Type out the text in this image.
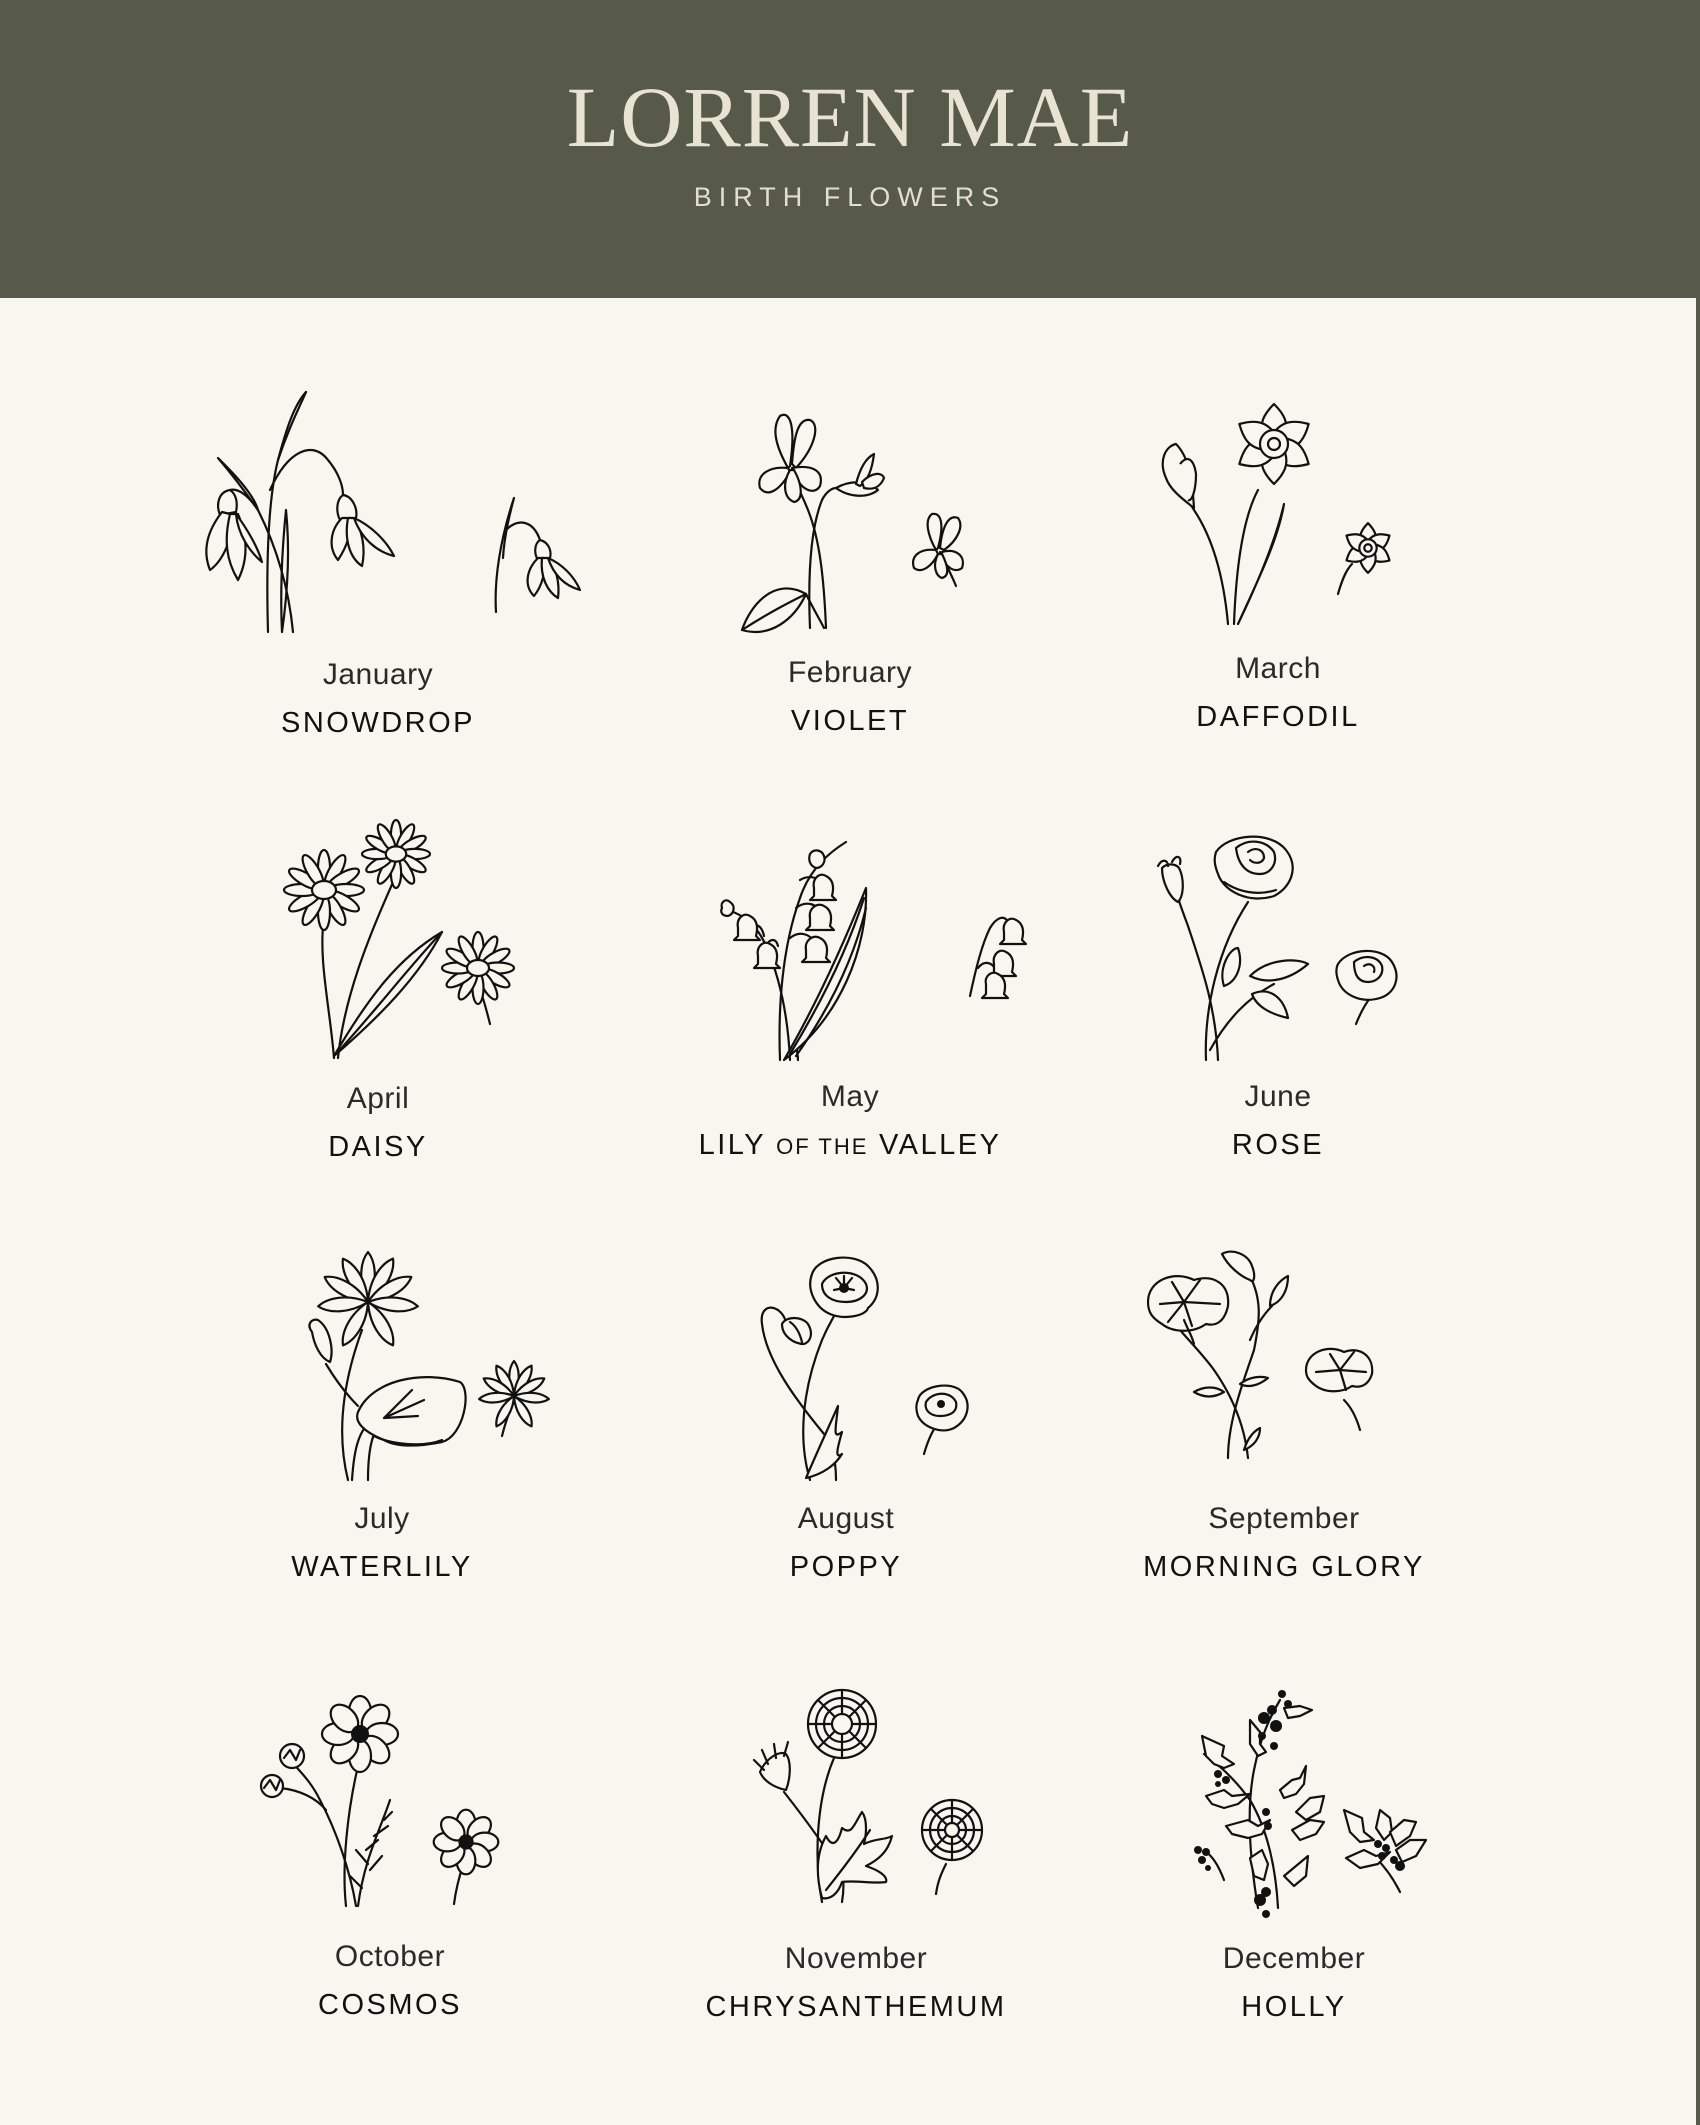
LORREN MAE
BIRTH FLOWERS
January
SNOWDROP
February
VIOLET
March
DAFFODIL
April
DAISY
May
LILY OF THE VALLEY
June
ROSE
July
WATERLILY
August
POPPY
September
MORNING GLORY
October
COSMOS
November
CHRYSANTHEMUM
December
HOLLY
